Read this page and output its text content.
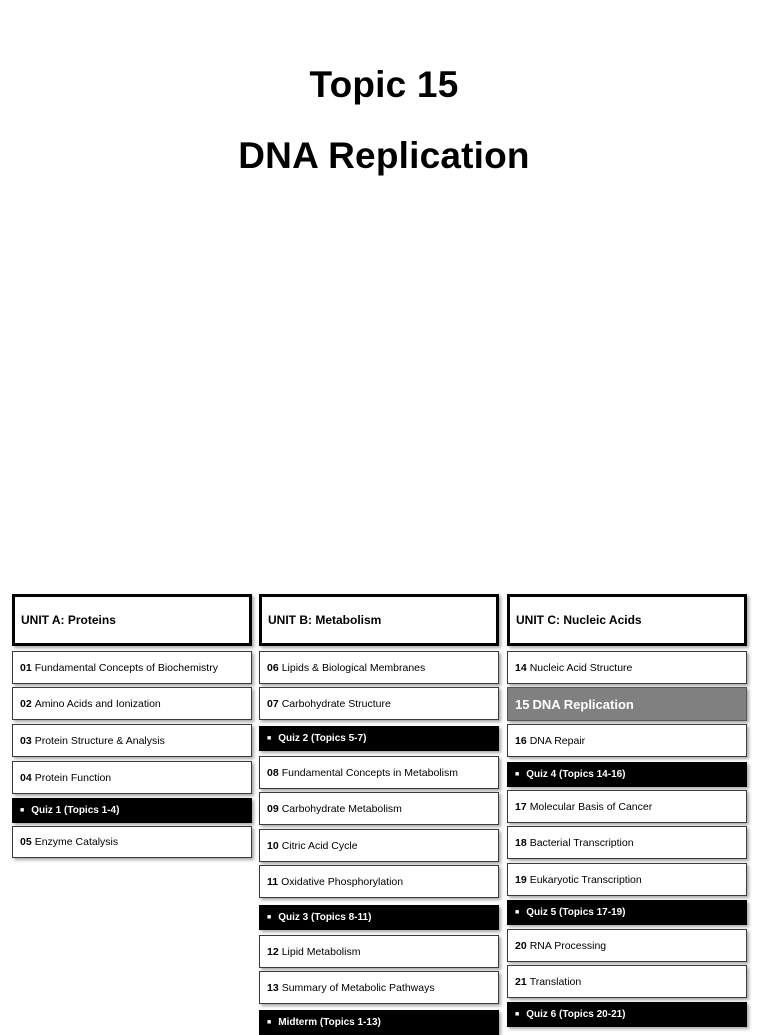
Topic 15
DNA Replication
UNIT A: Proteins
01 Fundamental Concepts of Biochemistry
02 Amino Acids and Ionization
03 Protein Structure & Analysis
04 Protein Function
■ Quiz 1 (Topics 1-4)
05 Enzyme Catalysis
UNIT B: Metabolism
06 Lipids & Biological Membranes
07 Carbohydrate Structure
■ Quiz 2 (Topics 5-7)
08 Fundamental Concepts in Metabolism
09 Carbohydrate Metabolism
10 Citric Acid Cycle
11 Oxidative Phosphorylation
■ Quiz 3 (Topics 8-11)
12 Lipid Metabolism
13 Summary of Metabolic Pathways
■ Midterm (Topics 1-13)
UNIT C: Nucleic Acids
14 Nucleic Acid Structure
15 DNA Replication
16 DNA Repair
■ Quiz 4 (Topics 14-16)
17 Molecular Basis of Cancer
18 Bacterial Transcription
19 Eukaryotic Transcription
■ Quiz 5 (Topics 17-19)
20 RNA Processing
21 Translation
■ Quiz 6 (Topics 20-21)
